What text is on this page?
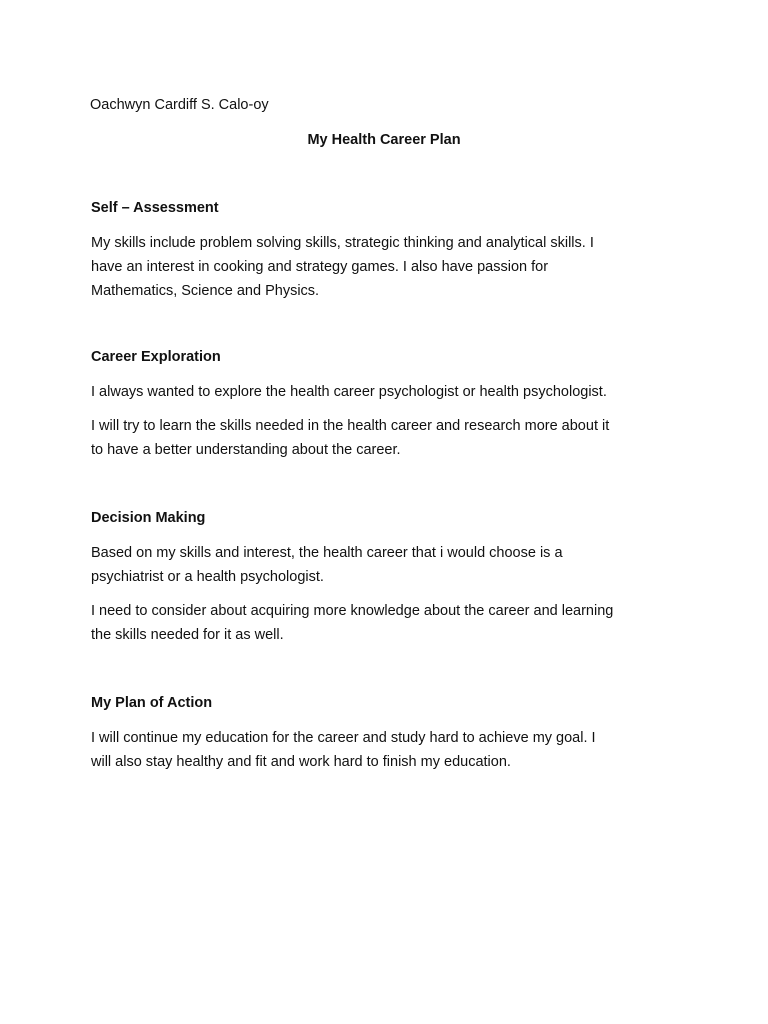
Oachwyn Cardiff S. Calo-oy
My Health Career Plan
Self – Assessment

My skills include problem solving skills, strategic thinking and analytical skills. I
have an interest in cooking and strategy games. I also have passion for
Mathematics, Science and Physics.

Career Exploration

I always wanted to explore the health career psychologist or health psychologist.

I will try to learn the skills needed in the health career and research more about it
to have a better understanding about the career.

Decision Making

Based on my skills and interest, the health career that i would choose is a
psychiatrist or a health psychologist.

I need to consider about acquiring more knowledge about the career and learning
the skills needed for it as well.

My Plan of Action

I will continue my education for the career and study hard to achieve my goal. I
will also stay healthy and fit and work hard to finish my education.
